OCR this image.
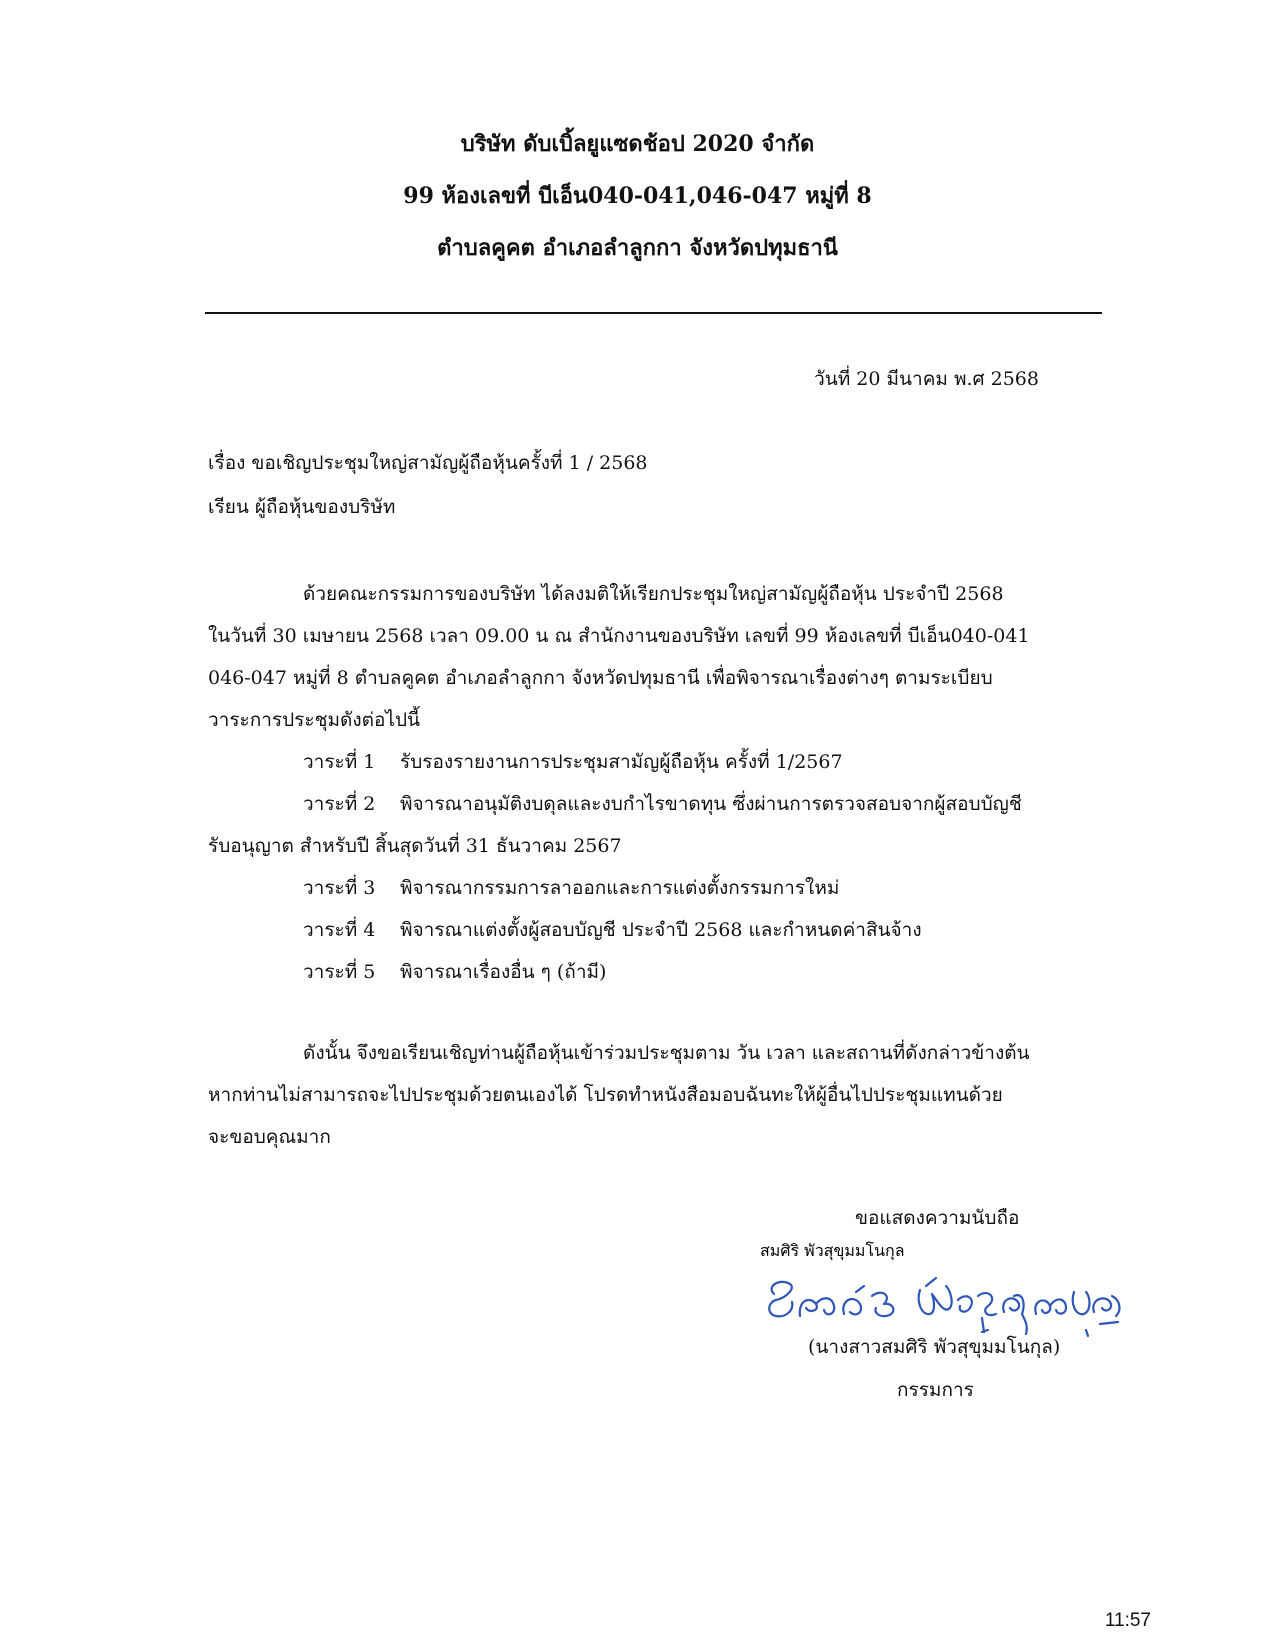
บริษัท ดับเบิ้ลยูแซดช้อป 2020 จำกัด
99 ห้องเลขที่ บีเอ็น040-041,046-047 หมู่ที่ 8
ตำบลคูคต อำเภอลำลูกกา จังหวัดปทุมธานี
วันที่ 20 มีนาคม พ.ศ 2568
เรื่อง ขอเชิญประชุมใหญ่สามัญผู้ถือหุ้นครั้งที่ 1 / 2568
เรียน ผู้ถือหุ้นของบริษัท
ด้วยคณะกรรมการของบริษัท ได้ลงมติให้เรียกประชุมใหญ่สามัญผู้ถือหุ้น ประจำปี 2568
ในวันที่ 30 เมษายน 2568 เวลา 09.00 น ณ สำนักงานของบริษัท เลขที่ 99 ห้องเลขที่ บีเอ็น040-041
046-047 หมู่ที่ 8 ตำบลคูคต อำเภอลำลูกกา จังหวัดปทุมธานี เพื่อพิจารณาเรื่องต่างๆ ตามระเบียบ
วาระการประชุมดังต่อไปนี้
วาระที่ 1 รับรองรายงานการประชุมสามัญผู้ถือหุ้น ครั้งที่ 1/2567
วาระที่ 2 พิจารณาอนุมัติงบดุลและงบกำไรขาดทุน ซึ่งผ่านการตรวจสอบจากผู้สอบบัญชี
รับอนุญาต สำหรับปี สิ้นสุดวันที่ 31 ธันวาคม 2567
วาระที่ 3 พิจารณากรรมการลาออกและการแต่งตั้งกรรมการใหม่
วาระที่ 4 พิจารณาแต่งตั้งผู้สอบบัญชี ประจำปี 2568 และกำหนดค่าสินจ้าง
วาระที่ 5 พิจารณาเรื่องอื่น ๆ (ถ้ามี)
ดังนั้น จึงขอเรียนเชิญท่านผู้ถือหุ้นเข้าร่วมประชุมตาม วัน เวลา และสถานที่ดังกล่าวข้างต้น
หากท่านไม่สามารถจะไปประชุมด้วยตนเองได้ โปรดทำหนังสือมอบฉันทะให้ผู้อื่นไปประชุมแทนด้วย
จะขอบคุณมาก
ขอแสดงความนับถือ
สมศิริ พัวสุขุมมโนกุล
(นางสาวสมศิริ พัวสุขุมมโนกุล)
กรรมการ
11:57
